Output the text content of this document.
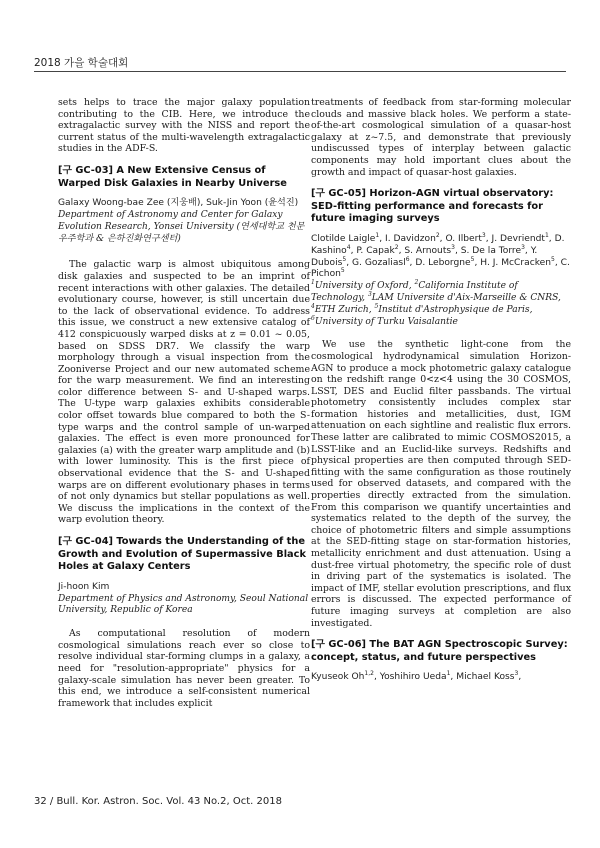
2018 가을 학술대회

sets helps to trace the major galaxy population contributing to the CIB. Here, we introduce the extragalactic survey with the NISS and report the current status of the multi-wavelength extragalactic studies in the ADF-S.

[구 GC-03] A New Extensive Census of Warped Disk Galaxies in Nearby Universe
Galaxy Woong-bae Zee (지웅배), Suk-Jin Yoon (윤석진)
Department of Astronomy and Center for Galaxy Evolution Research, Yonsei University (연세대학교 천문우주학과 & 은하진화연구센터)

The galactic warp is almost ubiquitous among disk galaxies and suspected to be an imprint of recent interactions with other galaxies. The detailed evolutionary course, however, is still uncertain due to the lack of observational evidence. To address this issue, we construct a new extensive catalog of 412 conspicuously warped disks at z = 0.01 ~ 0.05, based on SDSS DR7. We classify the warp morphology through a visual inspection from the Zooniverse Project and our new automated scheme for the warp measurement. We find an interesting color difference between S- and U-shaped warps. The U-type warp galaxies exhibits considerable color offset towards blue compared to both the S-type warps and the control sample of un-warped galaxies. The effect is even more pronounced for galaxies (a) with the greater warp amplitude and (b) with lower luminosity. This is the first piece of observational evidence that the S- and U-shaped warps are on different evolutionary phases in terms of not only dynamics but stellar populations as well. We discuss the implications in the context of the warp evolution theory.

[구 GC-04] Towards the Understanding of the Growth and Evolution of Supermassive Black Holes at Galaxy Centers
Ji-hoon Kim
Department of Physics and Astronomy, Seoul National University, Republic of Korea

As computational resolution of modern cosmological simulations reach ever so close to resolve individual star-forming clumps in a galaxy, a need for "resolution-appropriate" physics for a galaxy-scale simulation has never been greater. To this end, we introduce a self-consistent numerical framework that includes explicit

treatments of feedback from star-forming molecular clouds and massive black holes. We perform a state-of-the-art cosmological simulation of a quasar-host galaxy at z~7.5, and demonstrate that previously undiscussed types of interplay between galactic components may hold important clues about the growth and impact of quasar-host galaxies.

[구 GC-05] Horizon-AGN virtual observatory: SED-fitting performance and forecasts for future imaging surveys
Clotilde Laigle$^1$, I. Davidzon$^2$, O. Ilbert$^3$, J. Devriendt$^1$, D. Kashino$^4$, P. Capak$^2$, S. Arnouts$^3$, S. De la Torre$^3$, Y. Dubois$^5$, G. Gozaliasl$^6$, D. Leborgne$^5$, H. J. McCracken$^5$, C. Pichon$^5$
$^1$University of Oxford, $^2$California Institute of Technology, $^3$LAM Universite d'Aix-Marseille & CNRS, $^4$ETH Zurich, $^5$Institut d'Astrophysique de Paris, $^6$University of Turku Vaisalantie

We use the synthetic light-cone from the cosmological hydrodynamical simulation Horizon-AGN to produce a mock photometric galaxy catalogue on the redshift range 0<z<4 using the 30 COSMOS, LSST, DES and Euclid filter passbands. The virtual photometry consistently includes complex star formation histories and metallicities, dust, IGM attenuation on each sightline and realistic flux errors. These latter are calibrated to mimic COSMOS2015, a LSST-like and an Euclid-like surveys. Redshifts and physical properties are then computed through SED-fitting with the same configuration as those routinely used for observed datasets, and compared with the properties directly extracted from the simulation. From this comparison we quantify uncertainties and systematics related to the depth of the survey, the choice of photometric filters and simple assumptions at the SED-fitting stage on star-formation histories, metallicity enrichment and dust attenuation. Using a dust-free virtual photometry, the specific role of dust in driving part of the systematics is isolated. The impact of IMF, stellar evolution prescriptions, and flux errors is discussed. The expected performance of future imaging surveys at completion are also investigated.

[구 GC-06] The BAT AGN Spectroscopic Survey: concept, status, and future perspectives
Kyuseok Oh$^{1,2}$, Yoshihiro Ueda$^1$, Michael Koss$^3$,
32 / Bull. Kor. Astron. Soc. Vol. 43 No.2, Oct. 2018
